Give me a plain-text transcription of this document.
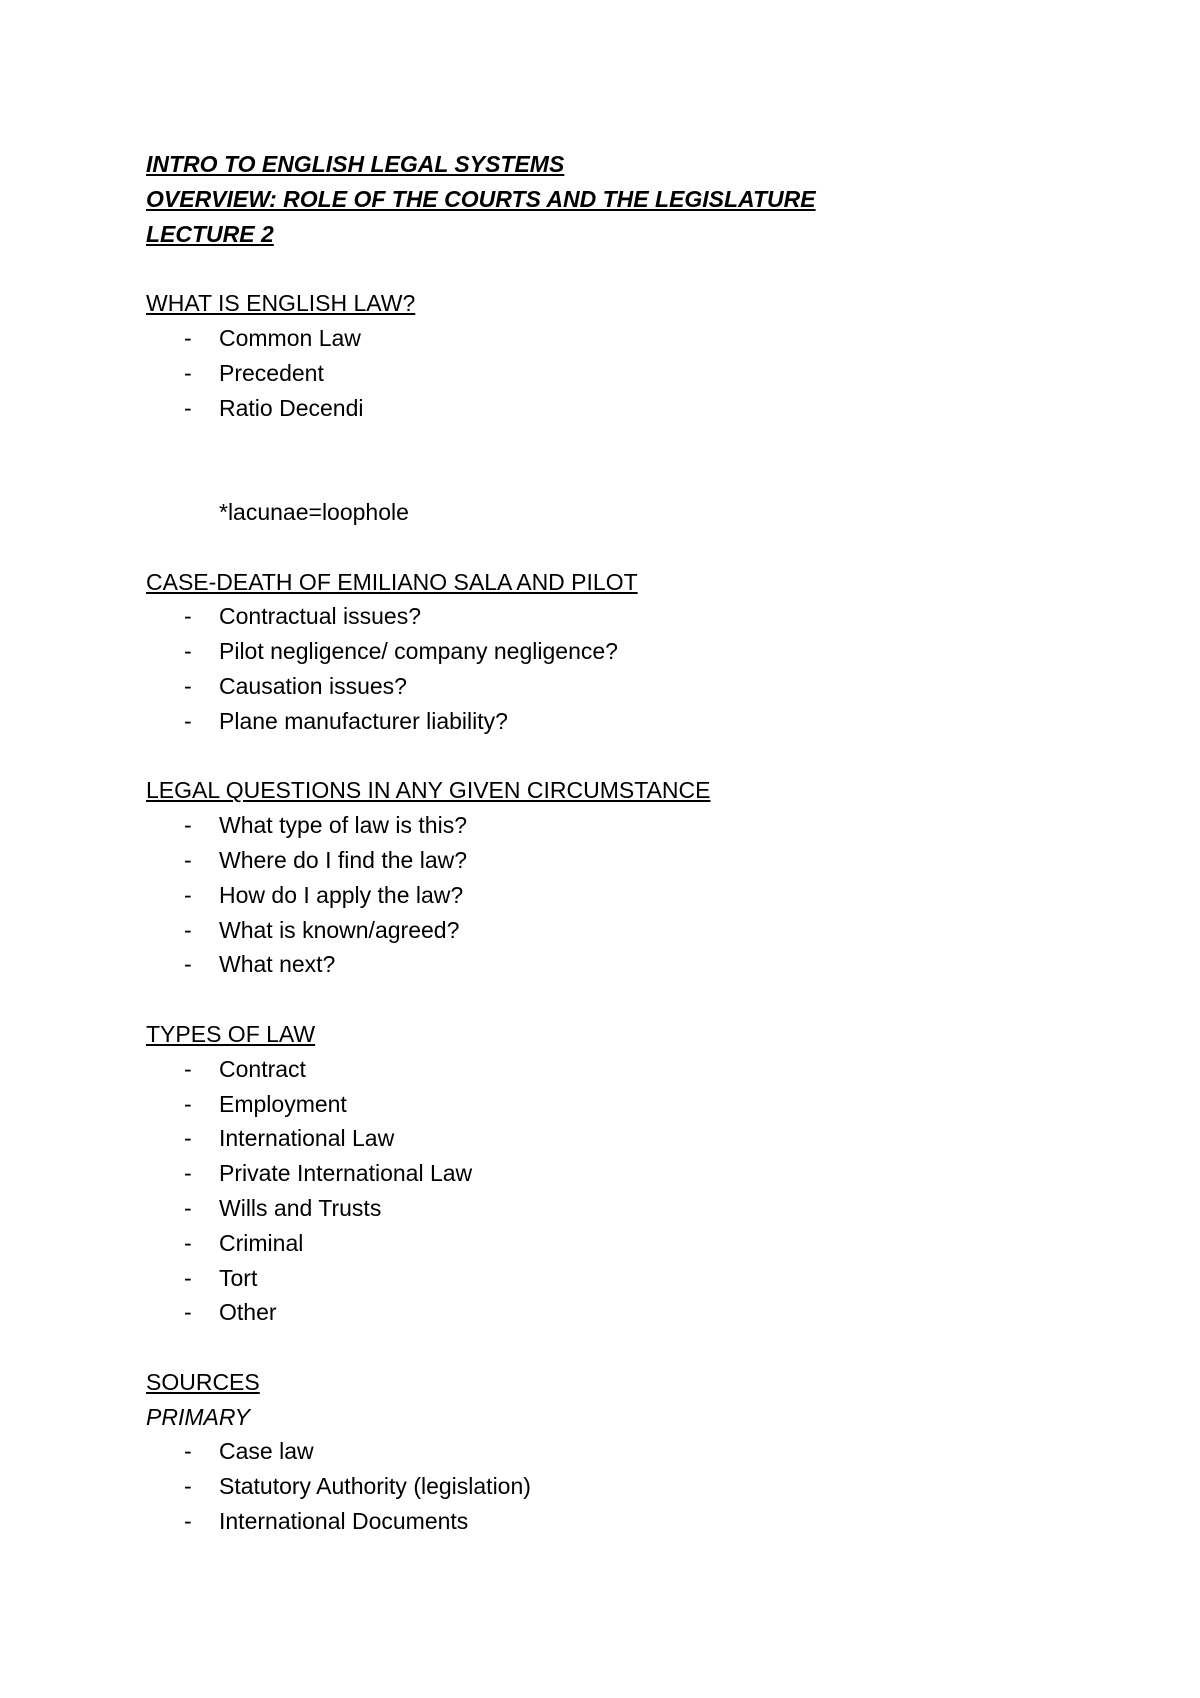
INTRO TO ENGLISH LEGAL SYSTEMS
OVERVIEW: ROLE OF THE COURTS AND THE LEGISLATURE
LECTURE 2
WHAT IS ENGLISH LAW?
- Common Law
- Precedent
- Ratio Decendi
*lacunae=loophole
CASE-DEATH OF EMILIANO SALA AND PILOT
- Contractual issues?
- Pilot negligence/ company negligence?
- Causation issues?
- Plane manufacturer liability?
LEGAL QUESTIONS IN ANY GIVEN CIRCUMSTANCE
- What type of law is this?
- Where do I find the law?
- How do I apply the law?
- What is known/agreed?
- What next?
TYPES OF LAW
- Contract
- Employment
- International Law
- Private International Law
- Wills and Trusts
- Criminal
- Tort
- Other
SOURCES
PRIMARY
- Case law
- Statutory Authority (legislation)
- International Documents
